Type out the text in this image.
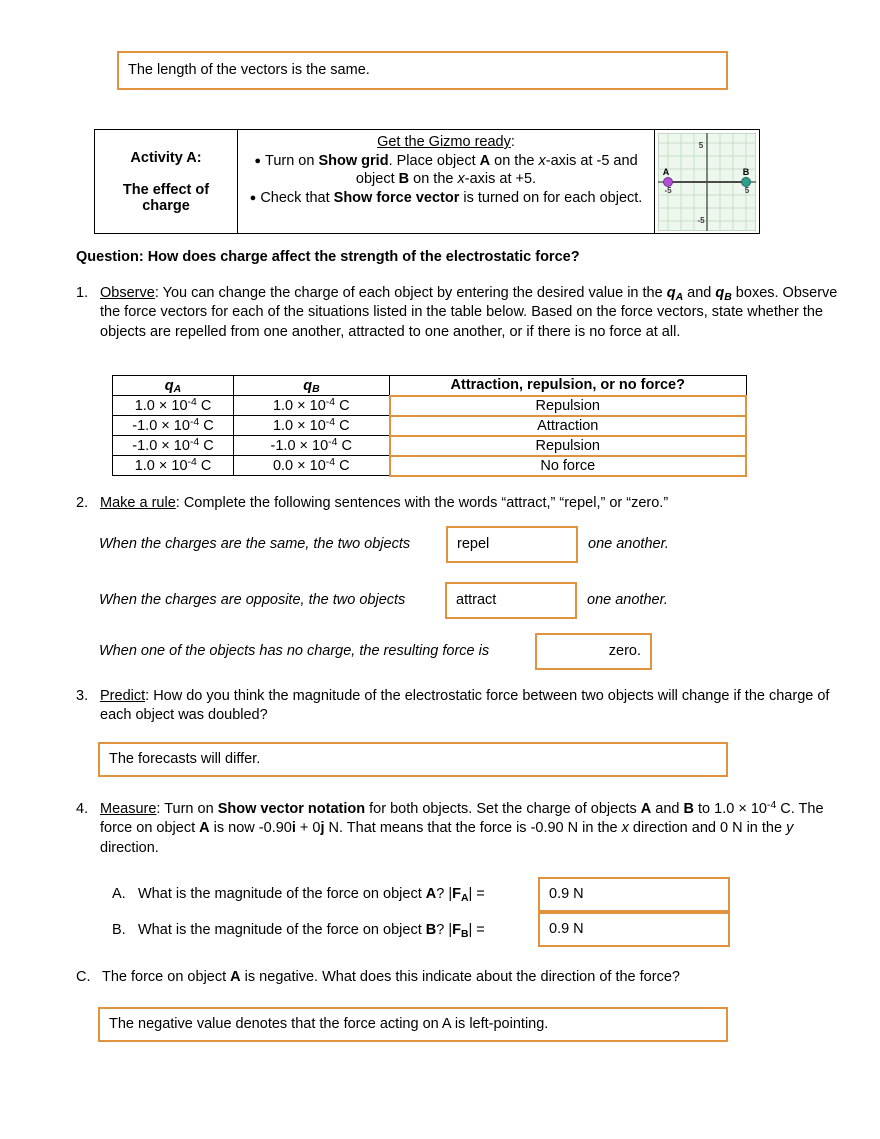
The length of the vectors is the same.
Activity A:
The effect of
charge
Get the Gizmo ready:
● Turn on Show grid. Place object A on the x-axis at -5 and object B on the x-axis at +5.
● Check that Show force vector is turned on for each object.
A	B
-5	5
5
-5
Question: How does charge affect the strength of the electrostatic force?
1. Observe: You can change the charge of each object by entering the desired value in the $q_A$ and $q_B$ boxes. Observe the force vectors for each of the situations listed in the table below. Based on the force vectors, state whether the objects are repelled from one another, attracted to one another, or if there is no force at all.
$q_A$	$q_B$	Attraction, repulsion, or no force?
$1.0 \times 10^{-4}$ C	$1.0 \times 10^{-4}$ C	Repulsion
$-1.0 \times 10^{-4}$ C	$1.0 \times 10^{-4}$ C	Attraction
$-1.0 \times 10^{-4}$ C	$-1.0 \times 10^{-4}$ C	Repulsion
$1.0 \times 10^{-4}$ C	$0.0 \times 10^{-4}$ C	No force
2. Make a rule: Complete the following sentences with the words “attract,” “repel,” or “zero.”
When the charges are the same, the two objects	repel	one another.
When the charges are opposite, the two objects	attract	one another.
When one of the objects has no charge, the resulting force is	zero.
3. Predict: How do you think the magnitude of the electrostatic force between two objects will change if the charge of each object was doubled?
The forecasts will differ.
4. Measure: Turn on Show vector notation for both objects. Set the charge of objects A and B to $1.0 \times 10^{-4}$ C. The force on object A is now -0.90i + 0j N. That means that the force is -0.90 N in the x direction and 0 N in the y direction.
A. What is the magnitude of the force on object A? $|F_A|$ =	0.9 N
B. What is the magnitude of the force on object B? $|F_B|$ =	0.9 N
C. The force on object A is negative. What does this indicate about the direction of the force?
The negative value denotes that the force acting on A is left-pointing.
